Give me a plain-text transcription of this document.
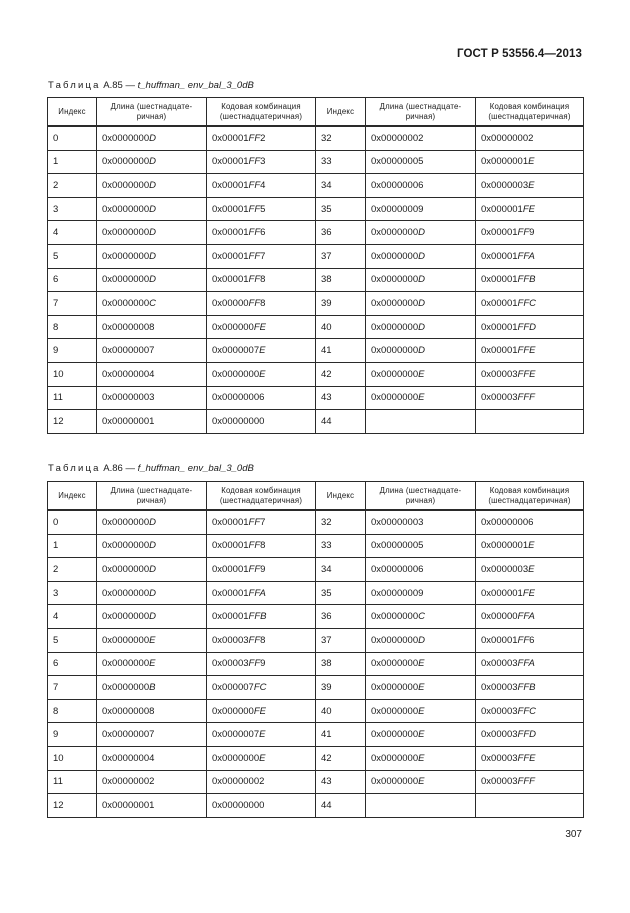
ГОСТ Р 53556.4—2013
Таблица А.85 — t_huffman_ env_bal_3_0dB
Индекс	Длина (шестнадцате-ричная)	Кодовая комбинация (шестнадцатеричная)	Индекс	Длина (шестнадцате-ричная)	Кодовая комбинация (шестнадцатеричная)
0	0x0000000D	0x00001FF2	32	0x00000002	0x00000002
1	0x0000000D	0x00001FF3	33	0x00000005	0x0000001E
2	0x0000000D	0x00001FF4	34	0x00000006	0x0000003E
3	0x0000000D	0x00001FF5	35	0x00000009	0x000001FE
4	0x0000000D	0x00001FF6	36	0x0000000D	0x00001FF9
5	0x0000000D	0x00001FF7	37	0x0000000D	0x00001FFA
6	0x0000000D	0x00001FF8	38	0x0000000D	0x00001FFB
7	0x0000000C	0x00000FF8	39	0x0000000D	0x00001FFC
8	0x00000008	0x000000FE	40	0x0000000D	0x00001FFD
9	0x00000007	0x0000007E	41	0x0000000D	0x00001FFE
10	0x00000004	0x0000000E	42	0x0000000E	0x00003FFE
11	0x00000003	0x00000006	43	0x0000000E	0x00003FFF
12	0x00000001	0x00000000	44		
Таблица А.86 — f_huffman_ env_bal_3_0dB
Индекс	Длина (шестнадцате-ричная)	Кодовая комбинация (шестнадцатеричная)	Индекс	Длина (шестнадцате-ричная)	Кодовая комбинация (шестнадцатеричная)
0	0x0000000D	0x00001FF7	32	0x00000003	0x00000006
1	0x0000000D	0x00001FF8	33	0x00000005	0x0000001E
2	0x0000000D	0x00001FF9	34	0x00000006	0x0000003E
3	0x0000000D	0x00001FFA	35	0x00000009	0x000001FE
4	0x0000000D	0x00001FFB	36	0x0000000C	0x00000FFA
5	0x0000000E	0x00003FF8	37	0x0000000D	0x00001FF6
6	0x0000000E	0x00003FF9	38	0x0000000E	0x00003FFA
7	0x0000000B	0x000007FC	39	0x0000000E	0x00003FFB
8	0x00000008	0x000000FE	40	0x0000000E	0x00003FFC
9	0x00000007	0x0000007E	41	0x0000000E	0x00003FFD
10	0x00000004	0x0000000E	42	0x0000000E	0x00003FFE
11	0x00000002	0x00000002	43	0x0000000E	0x00003FFF
12	0x00000001	0x00000000	44		
307
